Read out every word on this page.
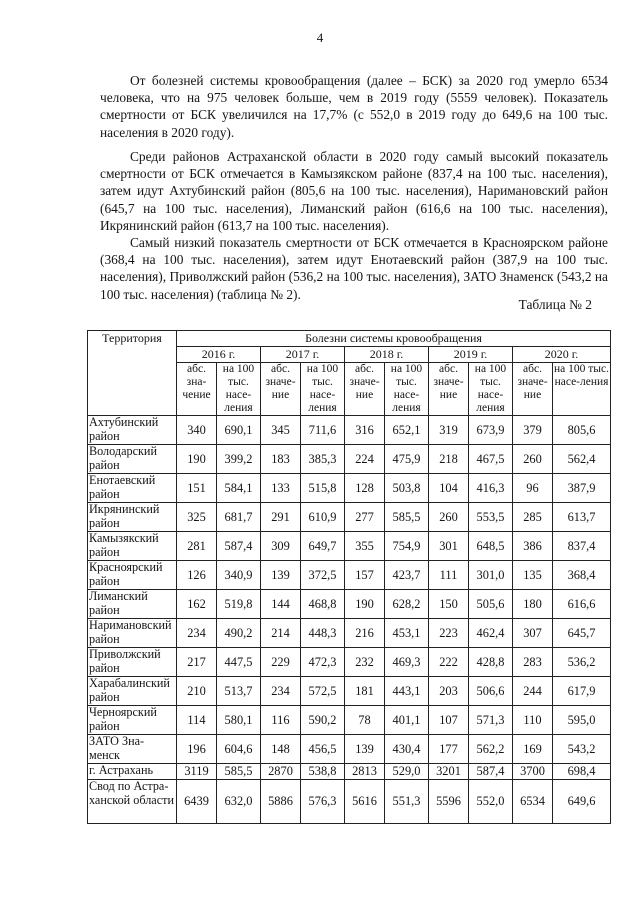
4

От болезней системы кровообращения (далее – БСК) за 2020 год умерло 6534 человека, что на 975 человек больше, чем в 2019 году (5559 человек). Показатель смертности от БСК увеличился на 17,7% (с 552,0 в 2019 году до 649,6 на 100 тыс. населения в 2020 году).

Среди районов Астраханской области в 2020 году самый высокий показатель смертности от БСК отмечается в Камызякском районе (837,4 на 100 тыс. населения), затем идут Ахтубинский район (805,6 на 100 тыс. населения), Наримановский район (645,7 на 100 тыс. населения), Лиманский район (616,6 на 100 тыс. населения), Икрянинский район (613,7 на 100 тыс. населения).

Самый низкий показатель смертности от БСК отмечается в Красноярском районе (368,4 на 100 тыс. населения), затем идут Енотаевский район (387,9 на 100 тыс. населения), Приволжский район (536,2 на 100 тыс. населения), ЗАТО Знаменск (543,2 на 100 тыс. населения) (таблица № 2).

Таблица № 2
Территория	Болезни системы кровообращения									
	2016 г.		2017 г.		2018 г.		2019 г.		2020 г.	
	абс. зна-чение	на 100 тыс. насе-ления	абс. значе-ние	на 100 тыс. насе-ления	абс. значе-ние	на 100 тыс. насе-ления	абс. значе-ние	на 100 тыс. насе-ления	абс. значе-ние	на 100 тыс. насе-ления
Ахтубинский район	340	690,1	345	711,6	316	652,1	319	673,9	379	805,6
Володарский район	190	399,2	183	385,3	224	475,9	218	467,5	260	562,4
Енотаевский район	151	584,1	133	515,8	128	503,8	104	416,3	96	387,9
Икрянинский район	325	681,7	291	610,9	277	585,5	260	553,5	285	613,7
Камызякский район	281	587,4	309	649,7	355	754,9	301	648,5	386	837,4
Красноярский район	126	340,9	139	372,5	157	423,7	111	301,0	135	368,4
Лиманский район	162	519,8	144	468,8	190	628,2	150	505,6	180	616,6
Наримановский район	234	490,2	214	448,3	216	453,1	223	462,4	307	645,7
Приволжский район	217	447,5	229	472,3	232	469,3	222	428,8	283	536,2
Харабалинский район	210	513,7	234	572,5	181	443,1	203	506,6	244	617,9
Черноярский район	114	580,1	116	590,2	78	401,1	107	571,3	110	595,0
ЗАТО Зна-менск	196	604,6	148	456,5	139	430,4	177	562,2	169	543,2
г. Астрахань	3119	585,5	2870	538,8	2813	529,0	3201	587,4	3700	698,4
Свод по Астра-ханской области	6439	632,0	5886	576,3	5616	551,3	5596	552,0	6534	649,6
